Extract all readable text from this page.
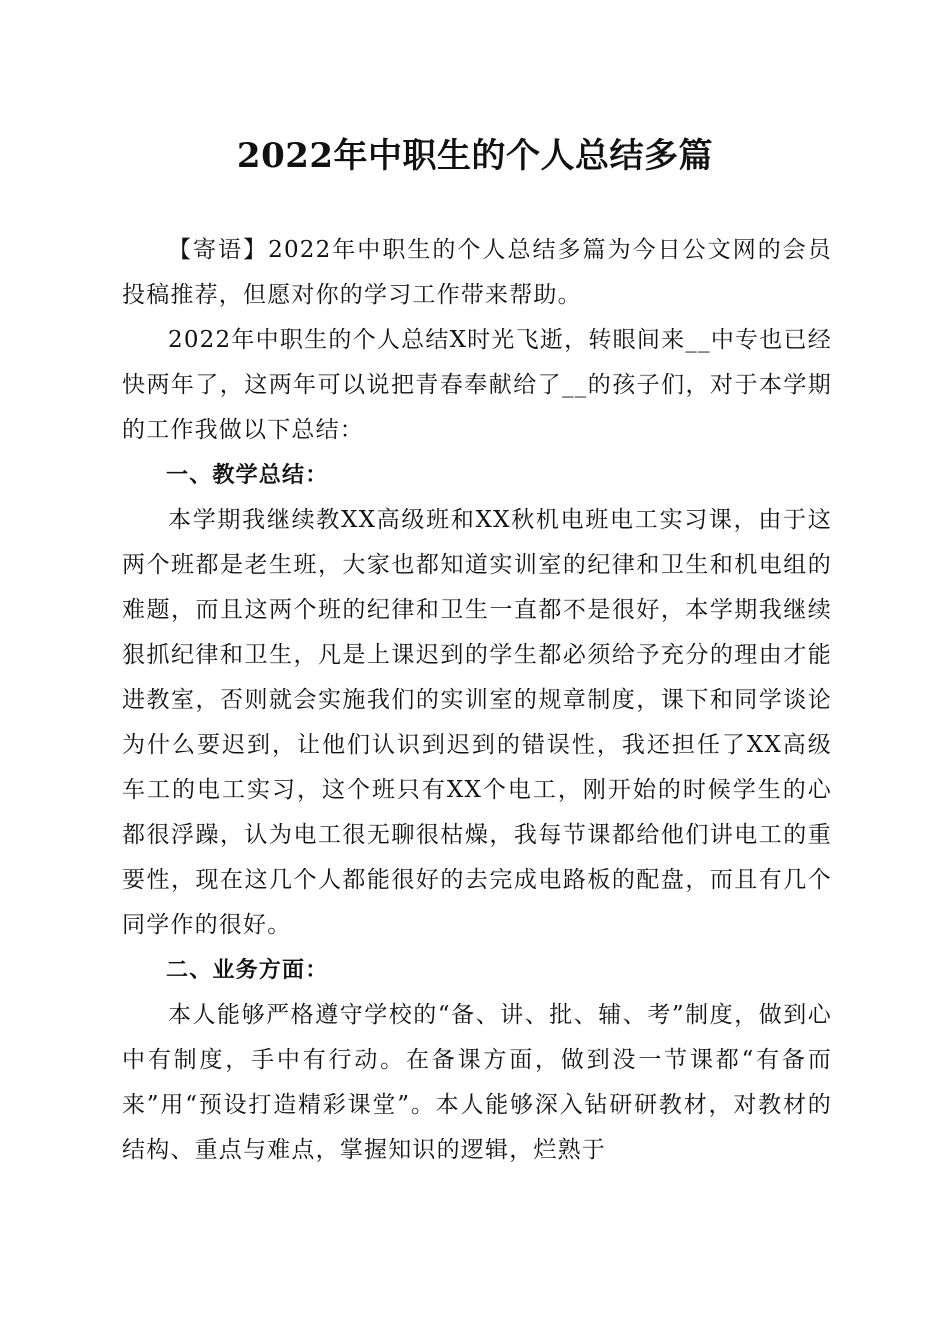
2022年中职生的个人总结多篇

【寄语】2022年中职生的个人总结多篇为今日公文网的会员投稿推荐，但愿对你的学习工作带来帮助。

2022年中职生的个人总结X时光飞逝，转眼间来__中专也已经快两年了，这两年可以说把青春奉献给了__的孩子们，对于本学期的工作我做以下总结：

一、教学总结：

本学期我继续教XX高级班和XX秋机电班电工实习课，由于这两个班都是老生班，大家也都知道实训室的纪律和卫生和机电组的难题，而且这两个班的纪律和卫生一直都不是很好，本学期我继续狠抓纪律和卫生，凡是上课迟到的学生都必须给予充分的理由才能进教室，否则就会实施我们的实训室的规章制度，课下和同学谈论为什么要迟到，让他们认识到迟到的错误性，我还担任了XX高级车工的电工实习，这个班只有XX个电工，刚开始的时候学生的心都很浮躁，认为电工很无聊很枯燥，我每节课都给他们讲电工的重要性，现在这几个人都能很好的去完成电路板的配盘，而且有几个同学作的很好。

二、业务方面：

本人能够严格遵守学校的“备、讲、批、辅、考”制度，做到心中有制度，手中有行动。在备课方面，做到没一节课都“有备而来”用“预设打造精彩课堂”。本人能够深入钻研研教材，对教材的结构、重点与难点，掌握知识的逻辑，烂熟于
